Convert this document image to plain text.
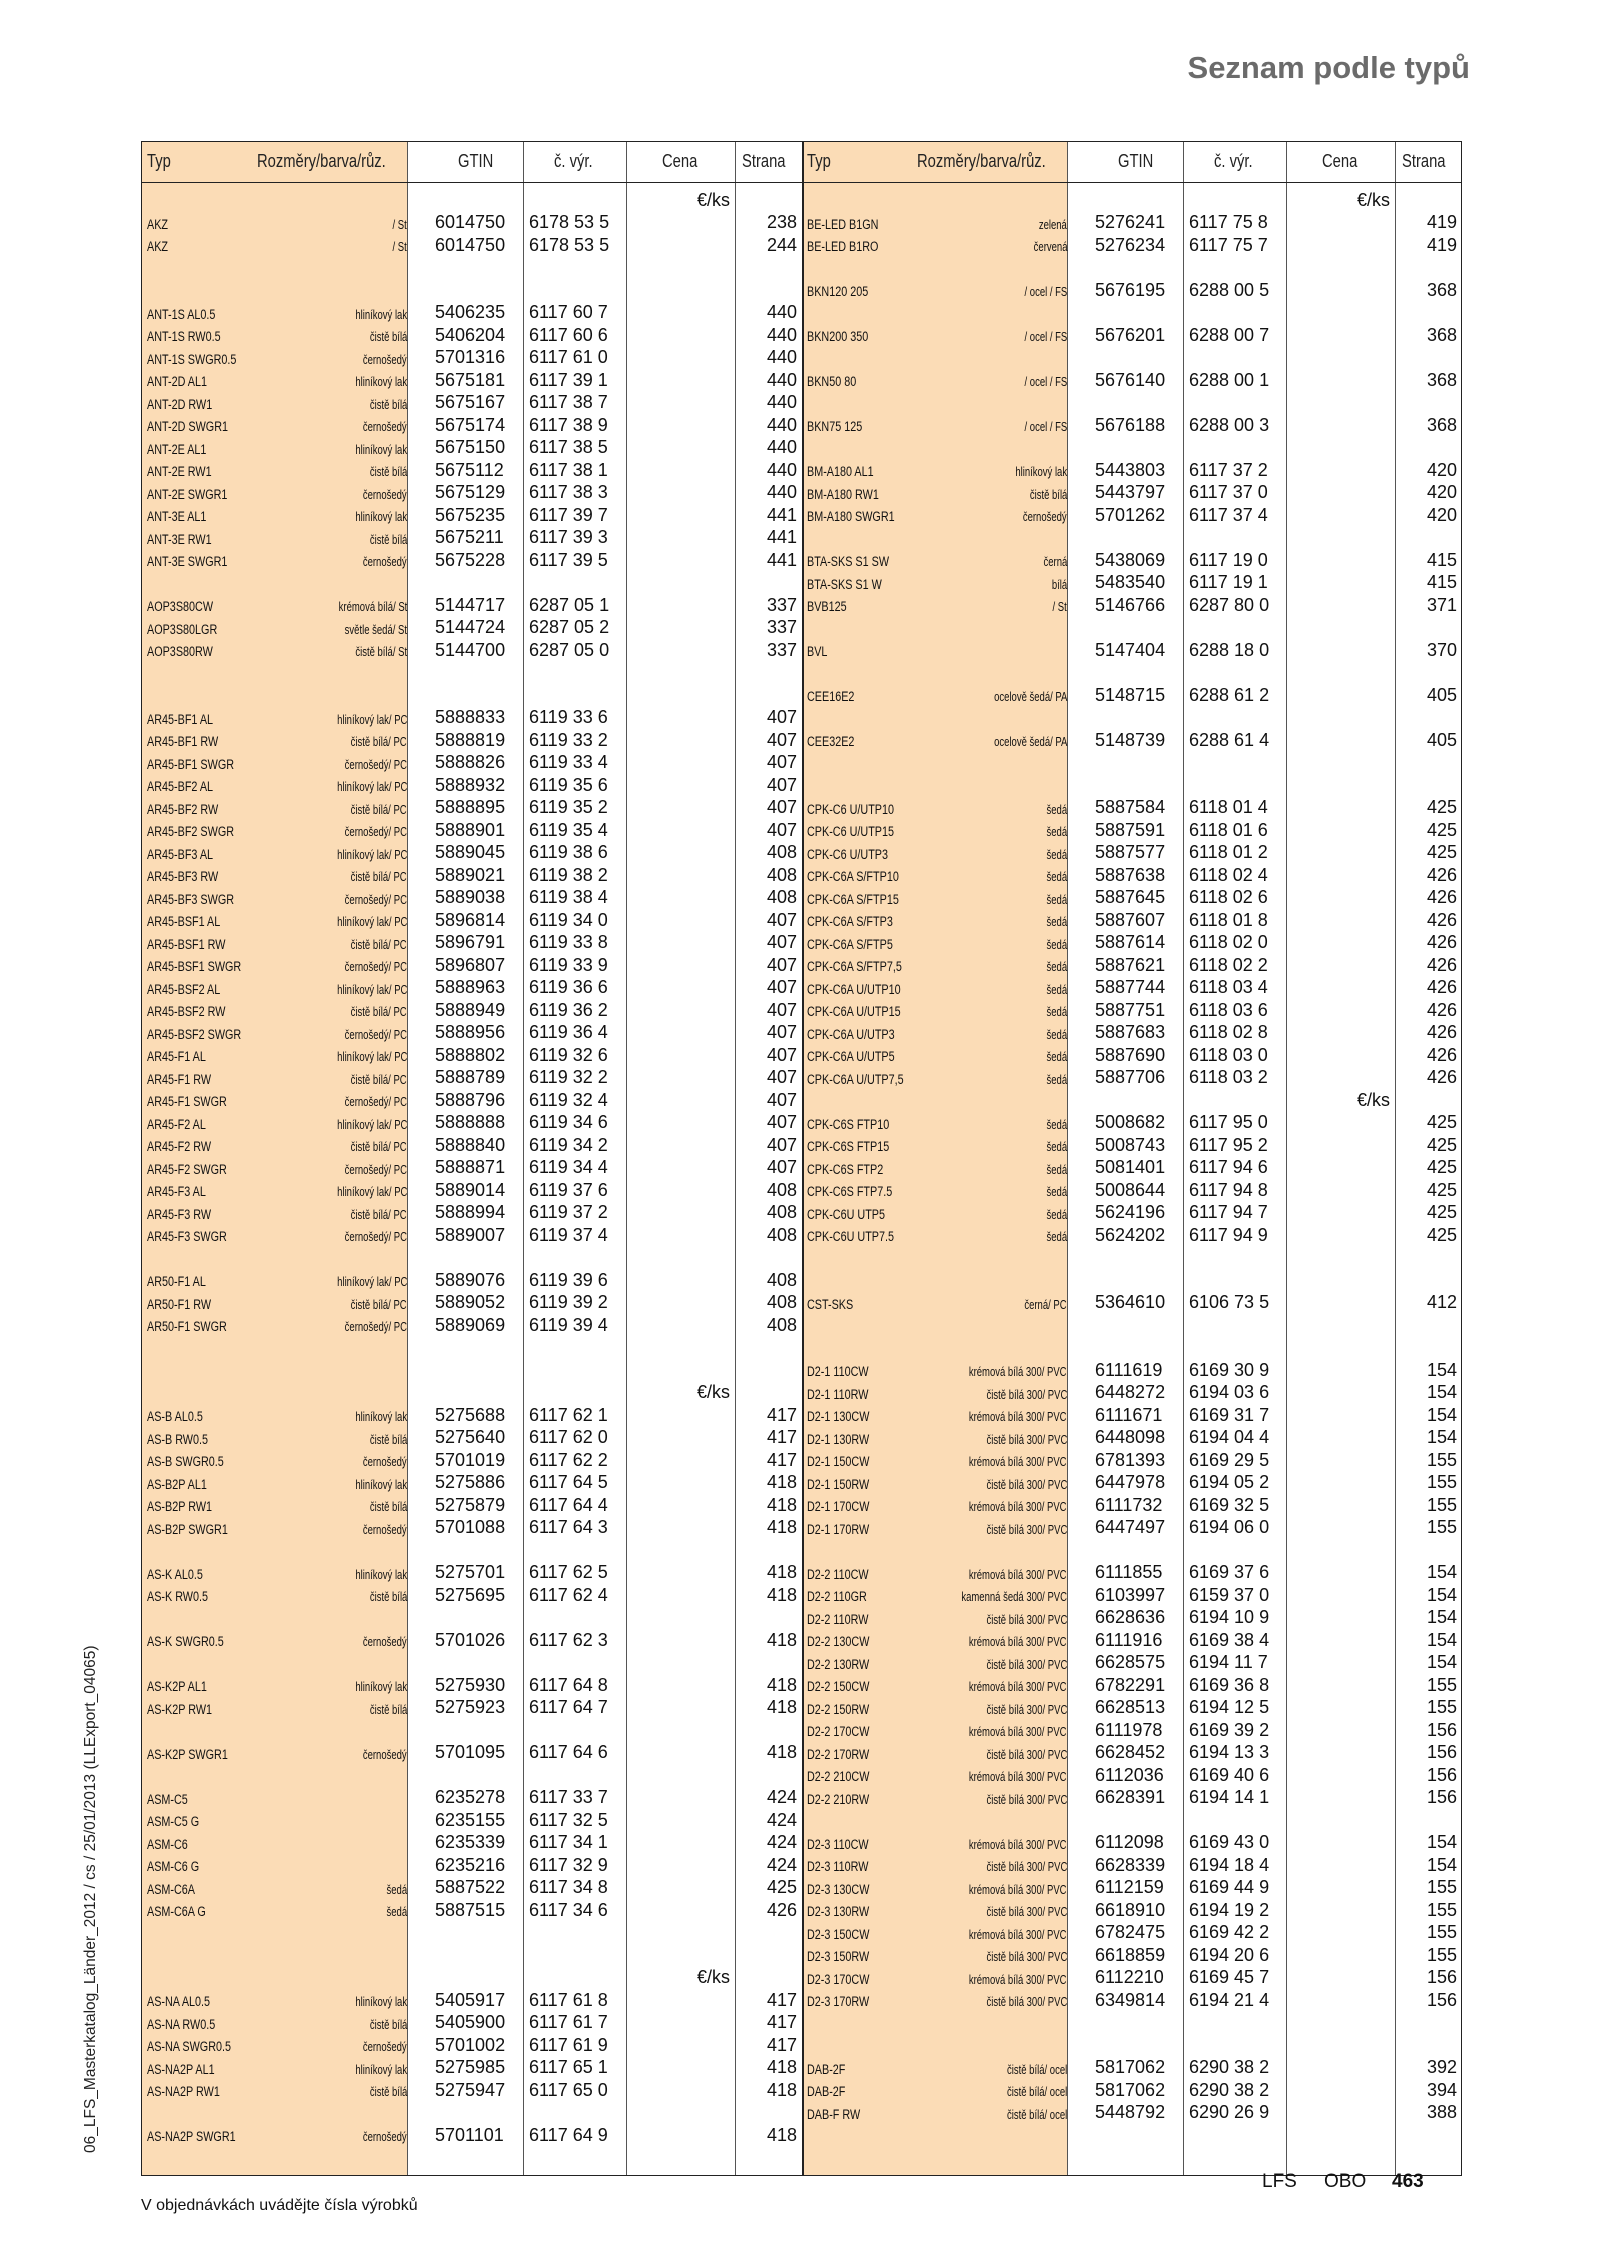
Seznam podle typů
Typ	Rozměry/barva/růz.	GTIN	č. výr.	Cena Strana
€/ks
AKZ	/ St 6014750 6178 53 5	238
AKZ	/ St 6014750 6178 53 5	244
ANT-1S AL0.5	hliníkový lak 5406235 6117 60 7	440
ANT-1S RW0.5	čistě bílá 5406204 6117 60 6	440
ANT-1S SWGR0.5	černošedý 5701316 6117 61 0	440
ANT-2D AL1	hliníkový lak 5675181 6117 39 1	440
ANT-2D RW1	čistě bílá 5675167 6117 38 7	440
ANT-2D SWGR1	černošedý 5675174 6117 38 9	440
ANT-2E AL1	hliníkový lak 5675150 6117 38 5	440
ANT-2E RW1	čistě bílá 5675112 6117 38 1	440
ANT-2E SWGR1	černošedý 5675129 6117 38 3	440
ANT-3E AL1	hliníkový lak 5675235 6117 39 7	441
ANT-3E RW1	čistě bílá 5675211 6117 39 3	441
ANT-3E SWGR1	černošedý 5675228 6117 39 5	441
AOP3S80CW	krémová bílá/ St 5144717 6287 05 1	337
AOP3S80LGR	světle šedá/ St 5144724 6287 05 2	337
AOP3S80RW	čistě bílá/ St 5144700 6287 05 0	337
AR45-BF1 AL	hliníkový lak/ PC 5888833 6119 33 6	407
AR45-BF1 RW	čistě bílá/ PC 5888819 6119 33 2	407
AR45-BF1 SWGR	černošedý/ PC 5888826 6119 33 4	407
AR45-BF2 AL	hliníkový lak/ PC 5888932 6119 35 6	407
AR45-BF2 RW	čistě bílá/ PC 5888895 6119 35 2	407
AR45-BF2 SWGR	černošedý/ PC 5888901 6119 35 4	407
AR45-BF3 AL	hliníkový lak/ PC 5889045 6119 38 6	408
AR45-BF3 RW	čistě bílá/ PC 5889021 6119 38 2	408
AR45-BF3 SWGR	černošedý/ PC 5889038 6119 38 4	408
AR45-BSF1 AL	hliníkový lak/ PC 5896814 6119 34 0	407
AR45-BSF1 RW	čistě bílá/ PC 5896791 6119 33 8	407
AR45-BSF1 SWGR	černošedý/ PC 5896807 6119 33 9	407
AR45-BSF2 AL	hliníkový lak/ PC 5888963 6119 36 6	407
AR45-BSF2 RW	čistě bílá/ PC 5888949 6119 36 2	407
AR45-BSF2 SWGR	černošedý/ PC 5888956 6119 36 4	407
AR45-F1 AL	hliníkový lak/ PC 5888802 6119 32 6	407
AR45-F1 RW	čistě bílá/ PC 5888789 6119 32 2	407
AR45-F1 SWGR	černošedý/ PC 5888796 6119 32 4	407
AR45-F2 AL	hliníkový lak/ PC 5888888 6119 34 6	407
AR45-F2 RW	čistě bílá/ PC 5888840 6119 34 2	407
AR45-F2 SWGR	černošedý/ PC 5888871 6119 34 4	407
AR45-F3 AL	hliníkový lak/ PC 5889014 6119 37 6	408
AR45-F3 RW	čistě bílá/ PC 5888994 6119 37 2	408
AR45-F3 SWGR	černošedý/ PC 5889007 6119 37 4	408
AR50-F1 AL	hliníkový lak/ PC 5889076 6119 39 6	408
AR50-F1 RW	čistě bílá/ PC 5889052 6119 39 2	408
AR50-F1 SWGR	černošedý/ PC 5889069 6119 39 4	408
€/ks
AS-B AL0.5	hliníkový lak 5275688 6117 62 1	417
AS-B RW0.5	čistě bílá 5275640 6117 62 0	417
AS-B SWGR0.5	černošedý 5701019 6117 62 2	417
AS-B2P AL1	hliníkový lak 5275886 6117 64 5	418
AS-B2P RW1	čistě bílá 5275879 6117 64 4	418
AS-B2P SWGR1	černošedý 5701088 6117 64 3	418
AS-K AL0.5	hliníkový lak 5275701 6117 62 5	418
AS-K RW0.5	čistě bílá 5275695 6117 62 4	418
AS-K SWGR0.5	černošedý 5701026 6117 62 3	418
AS-K2P AL1	hliníkový lak 5275930 6117 64 8	418
AS-K2P RW1	čistě bílá 5275923 6117 64 7	418
AS-K2P SWGR1	černošedý 5701095 6117 64 6	418
ASM-C5	6235278 6117 33 7	424
ASM-C5 G	6235155 6117 32 5	424
ASM-C6	6235339 6117 34 1	424
ASM-C6 G	6235216 6117 32 9	424
ASM-C6A	šedá 5887522 6117 34 8	425
ASM-C6A G	šedá 5887515 6117 34 6	426
€/ks
AS-NA AL0.5	hliníkový lak 5405917 6117 61 8	417
AS-NA RW0.5	čistě bílá 5405900 6117 61 7	417
AS-NA SWGR0.5	černošedý 5701002 6117 61 9	417
AS-NA2P AL1	hliníkový lak 5275985 6117 65 1	418
AS-NA2P RW1	čistě bílá 5275947 6117 65 0	418
AS-NA2P SWGR1	černošedý 5701101 6117 64 9	418
Typ	Rozměry/barva/růz.	GTIN	č. výr.	Cena Strana
€/ks
BE-LED B1GN	zelená 5276241 6117 75 8	419
BE-LED B1RO	červená 5276234 6117 75 7	419
BKN120 205	/ ocel / FS 5676195 6288 00 5	368
BKN200 350	/ ocel / FS 5676201 6288 00 7	368
BKN50 80	/ ocel / FS 5676140 6288 00 1	368
BKN75 125	/ ocel / FS 5676188 6288 00 3	368
BM-A180 AL1	hliníkový lak 5443803 6117 37 2	420
BM-A180 RW1	čistě bílá 5443797 6117 37 0	420
BM-A180 SWGR1	černošedý 5701262 6117 37 4	420
BTA-SKS S1 SW	černá 5438069 6117 19 0	415
BTA-SKS S1 W	bílá 5483540 6117 19 1	415
BVB125	/ St 5146766 6287 80 0	371
BVL	5147404 6288 18 0	370
CEE16E2	ocelově šedá/ PA 5148715 6288 61 2	405
CEE32E2	ocelově šedá/ PA 5148739 6288 61 4	405
CPK-C6 U/UTP10	šedá 5887584 6118 01 4	425
CPK-C6 U/UTP15	šedá 5887591 6118 01 6	425
CPK-C6 U/UTP3	šedá 5887577 6118 01 2	425
CPK-C6A S/FTP10	šedá 5887638 6118 02 4	426
CPK-C6A S/FTP15	šedá 5887645 6118 02 6	426
CPK-C6A S/FTP3	šedá 5887607 6118 01 8	426
CPK-C6A S/FTP5	šedá 5887614 6118 02 0	426
CPK-C6A S/FTP7,5	šedá 5887621 6118 02 2	426
CPK-C6A U/UTP10	šedá 5887744 6118 03 4	426
CPK-C6A U/UTP15	šedá 5887751 6118 03 6	426
CPK-C6A U/UTP3	šedá 5887683 6118 02 8	426
CPK-C6A U/UTP5	šedá 5887690 6118 03 0	426
CPK-C6A U/UTP7,5	šedá 5887706 6118 03 2	426
€/ks
CPK-C6S FTP10	šedá 5008682 6117 95 0	425
CPK-C6S FTP15	šedá 5008743 6117 95 2	425
CPK-C6S FTP2	šedá 5081401 6117 94 6	425
CPK-C6S FTP7.5	šedá 5008644 6117 94 8	425
CPK-C6U UTP5	šedá 5624196 6117 94 7	425
CPK-C6U UTP7.5	šedá 5624202 6117 94 9	425
CST-SKS	černá/ PC 5364610 6106 73 5	412
D2-1 110CW	krémová bílá 300/ PVC 6111619 6169 30 9	154
D2-1 110RW	čistě bílá 300/ PVC 6448272 6194 03 6	154
D2-1 130CW	krémová bílá 300/ PVC 6111671 6169 31 7	154
D2-1 130RW	čistě bílá 300/ PVC 6448098 6194 04 4	154
D2-1 150CW	krémová bílá 300/ PVC 6781393 6169 29 5	155
D2-1 150RW	čistě bílá 300/ PVC 6447978 6194 05 2	155
D2-1 170CW	krémová bílá 300/ PVC 6111732 6169 32 5	155
D2-1 170RW	čistě bílá 300/ PVC 6447497 6194 06 0	155
D2-2 110CW	krémová bílá 300/ PVC 6111855 6169 37 6	154
D2-2 110GR	kamenná šedá 300/ PVC 6103997 6159 37 0	154
D2-2 110RW	čistě bílá 300/ PVC 6628636 6194 10 9	154
D2-2 130CW	krémová bílá 300/ PVC 6111916 6169 38 4	154
D2-2 130RW	čistě bílá 300/ PVC 6628575 6194 11 7	154
D2-2 150CW	krémová bílá 300/ PVC 6782291 6169 36 8	155
D2-2 150RW	čistě bílá 300/ PVC 6628513 6194 12 5	155
D2-2 170CW	krémová bílá 300/ PVC 6111978 6169 39 2	156
D2-2 170RW	čistě bílá 300/ PVC 6628452 6194 13 3	156
D2-2 210CW	krémová bílá 300/ PVC 6112036 6169 40 6	156
D2-2 210RW	čistě bílá 300/ PVC 6628391 6194 14 1	156
D2-3 110CW	krémová bílá 300/ PVC 6112098 6169 43 0	154
D2-3 110RW	čistě bílá 300/ PVC 6628339 6194 18 4	154
D2-3 130CW	krémová bílá 300/ PVC 6112159 6169 44 9	155
D2-3 130RW	čistě bílá 300/ PVC 6618910 6194 19 2	155
D2-3 150CW	krémová bílá 300/ PVC 6782475 6169 42 2	155
D2-3 150RW	čistě bílá 300/ PVC 6618859 6194 20 6	155
D2-3 170CW	krémová bílá 300/ PVC 6112210 6169 45 7	156
D2-3 170RW	čistě bílá 300/ PVC 6349814 6194 21 4	156
DAB-2F	čistě bílá/ ocel 5817062 6290 38 2	392
DAB-2F	čistě bílá/ ocel 5817062 6290 38 2	394
DAB-F RW	čistě bílá/ ocel 5448792 6290 26 9	388
06_LFS_Masterkatalog_Länder_2012 / cs / 25/01/2013 (LLExport_04065)
V objednávkách uvádějte čísla výrobků
LFS OBO 463
